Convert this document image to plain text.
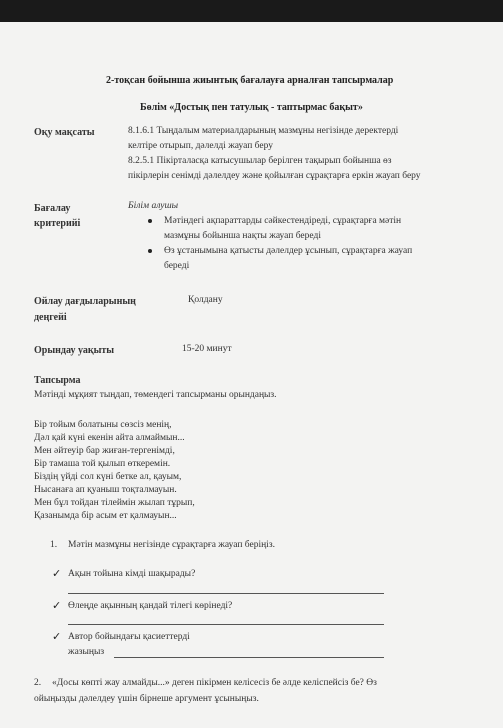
2-тоқсан бойынша жиынтық бағалауға арналған тапсырмалар
Бөлім «Достық пен татулық - таптырмас бақыт»
Оқу мақсаты	8.1.6.1 Тыңдалым материалдарының мазмұны негізінде деректерді
келтіре отырып, дәлелді жауап беру
8.2.5.1 Пікірталасқа катысушылар берілген тақырып бойынша өз
пікірлерін сенімді дәлелдеу және қойылған сұрақтарға еркін жауап беру
Бағалау
критерийі
Білім алушы
Мәтіндегі ақпараттарды сәйкестендіреді, сұрақтарға мәтін
мазмұны бойынша нақты жауап береді
Өз ұстанымына қатысты дәлелдер ұсынып, сұрақтарға жауап
береді
Ойлау дағдыларының
деңгейі
Қолдану
Орындау уақыты	15-20 минут
Тапсырма
Мәтінді мұқият тыңдап, төмендегі тапсырманы орындаңыз.
Бір тойым болатыны сөзсіз менің,
Дәл қай күні екенін айта алмаймын...
Мен әйтеуір бар жиған-тергенімді,
Бір тамаша той қылып өткеремін.
Біздің үйді сол күні бетке ал, қауым,
Нысанаға ап қуаныш тоқталмауын.
Мен бұл тойдан тілеймін жылап тұрып,
Қазанымда бір асым ет қалмауын...
1. Мәтін мазмұны негізінде сұрақтарға жауап беріңіз.
✓ Ақын тойына кімді шақырады?
✓ Өлеңде ақынның қандай тілегі көрінеді?
✓ Автор бойындағы қасиеттерді
жазыңыз
2. «Досы көпті жау алмайды...» деген пікірмен келісесіз бе әлде келіспейсіз бе? Өз
ойыңызды дәлелдеу үшін бірнеше аргумент ұсыныңыз.
